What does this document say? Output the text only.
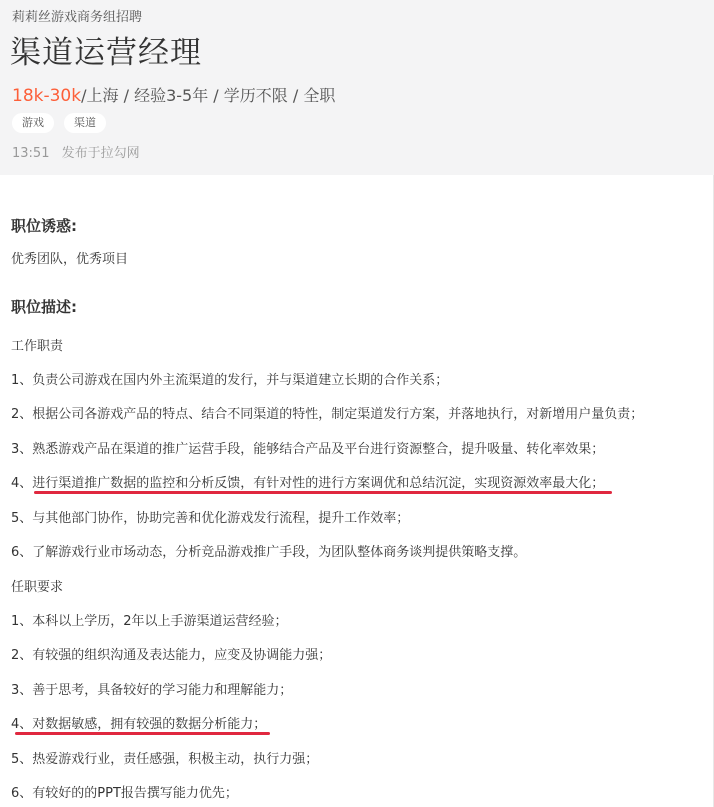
莉莉丝游戏商务组招聘
渠道运营经理
18k-30k/上海 / 经验3-5年 / 学历不限 / 全职
游戏	渠道
13:51 发布于拉勾网
职位诱惑:
优秀团队，优秀项目
职位描述:
工作职责
1、负责公司游戏在国内外主流渠道的发行，并与渠道建立长期的合作关系；
2、根据公司各游戏产品的特点、结合不同渠道的特性，制定渠道发行方案，并落地执行，对新增用户量负责；
3、熟悉游戏产品在渠道的推广运营手段，能够结合产品及平台进行资源整合，提升吸量、转化率效果；
4、进行渠道推广数据的监控和分析反馈，有针对性的进行方案调优和总结沉淀，实现资源效率最大化；
5、与其他部门协作，协助完善和优化游戏发行流程，提升工作效率；
6、了解游戏行业市场动态，分析竞品游戏推广手段，为团队整体商务谈判提供策略支撑。
任职要求
1、本科以上学历，2年以上手游渠道运营经验；
2、有较强的组织沟通及表达能力，应变及协调能力强；
3、善于思考，具备较好的学习能力和理解能力；
4、对数据敏感，拥有较强的数据分析能力；
5、热爱游戏行业，责任感强，积极主动，执行力强；
6、有较好的的PPT报告撰写能力优先；
